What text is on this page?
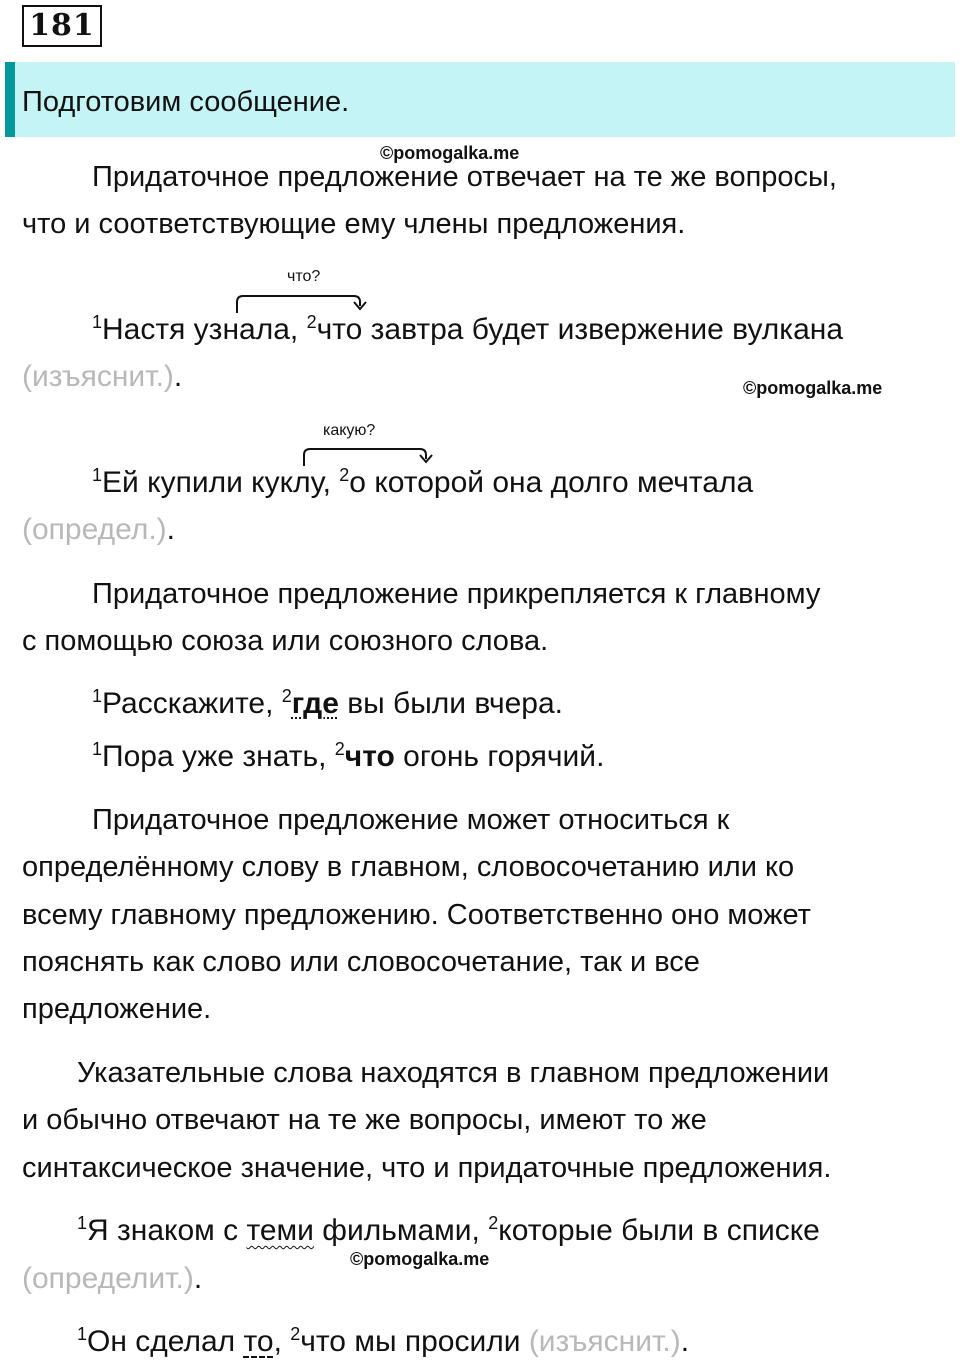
181
Подготовим сообщение.
©pomogalka.me
Придаточное предложение отвечает на те же вопросы,
что и соответствующие ему члены предложения.
что?
$^1$Настя узнала, $^2$что завтра будет извержение вулкана
(изъяснит.).	©pomogalka.me
какую?
$^1$Ей купили куклу, $^2$о которой она долго мечтала
(определ.).
Придаточное предложение прикрепляется к главному
с помощью союза или союзного слова.
$^1$Расскажите, $^2$где вы были вчера.
$^1$Пора уже знать, $^2$что огонь горячий.
Придаточное предложение может относиться к
определённому слову в главном, словосочетанию или ко
всему главному предложению. Соответственно оно может
пояснять как слово или словосочетание, так и все
предложение.
Указательные слова находятся в главном предложении
и обычно отвечают на те же вопросы, имеют то же
синтаксическое значение, что и придаточные предложения.
$^1$Я знаком с теми фильмами, $^2$которые были в списке
©pomogalka.me
(определит.).
$^1$Он сделал то, $^2$что мы просили (изъяснит.).
